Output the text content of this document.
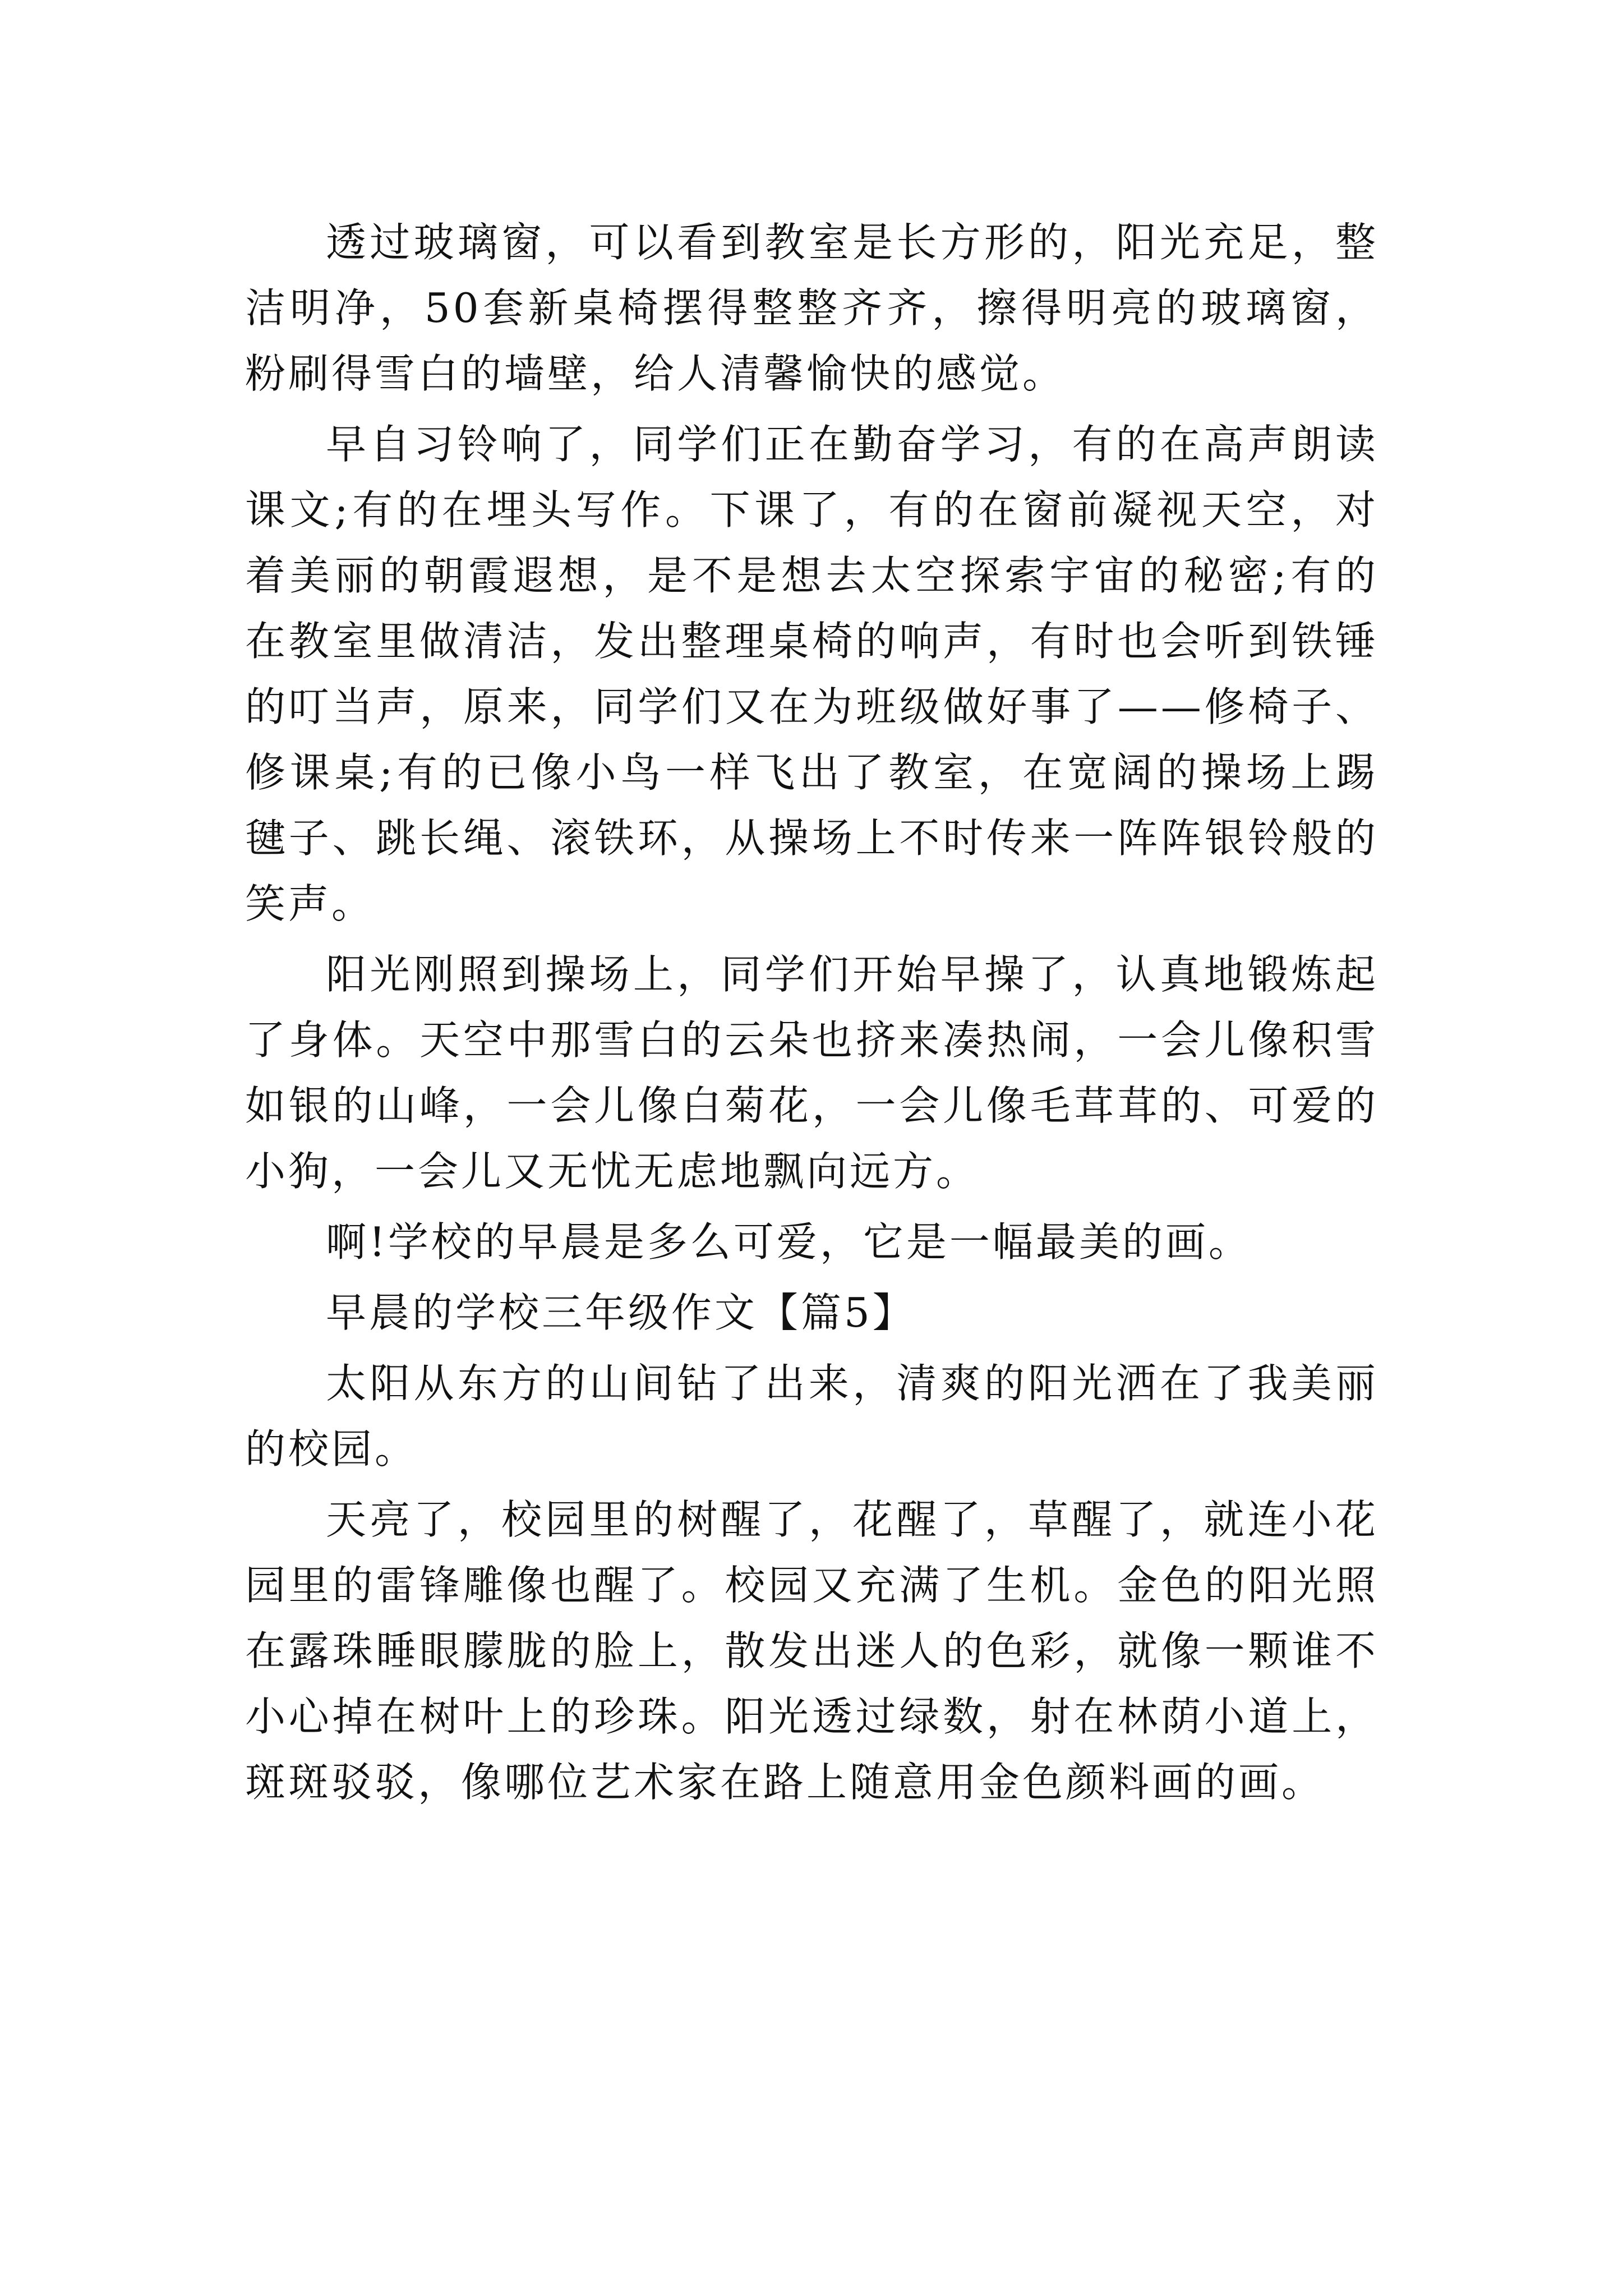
透过玻璃窗，可以看到教室是长方形的，阳光充足，整洁明净，50套新桌椅摆得整整齐齐，擦得明亮的玻璃窗，粉刷得雪白的墙壁，给人清馨愉快的感觉。

早自习铃响了，同学们正在勤奋学习，有的在高声朗读课文;有的在埋头写作。下课了，有的在窗前凝视天空，对着美丽的朝霞遐想，是不是想去太空探索宇宙的秘密;有的在教室里做清洁，发出整理桌椅的响声，有时也会听到铁锤的叮当声，原来，同学们又在为班级做好事了——修椅子、修课桌;有的已像小鸟一样飞出了教室，在宽阔的操场上踢毽子、跳长绳、滚铁环，从操场上不时传来一阵阵银铃般的笑声。

阳光刚照到操场上，同学们开始早操了，认真地锻炼起了身体。天空中那雪白的云朵也挤来凑热闹，一会儿像积雪如银的山峰，一会儿像白菊花，一会儿像毛茸茸的、可爱的小狗，一会儿又无忧无虑地飘向远方。

啊!学校的早晨是多么可爱，它是一幅最美的画。

早晨的学校三年级作文【篇5】

太阳从东方的山间钻了出来，清爽的阳光洒在了我美丽的校园。

天亮了，校园里的树醒了，花醒了，草醒了，就连小花园里的雷锋雕像也醒了。校园又充满了生机。金色的阳光照在露珠睡眼朦胧的脸上，散发出迷人的色彩，就像一颗谁不小心掉在树叶上的珍珠。阳光透过绿数，射在林荫小道上，斑斑驳驳，像哪位艺术家在路上随意用金色颜料画的画。
